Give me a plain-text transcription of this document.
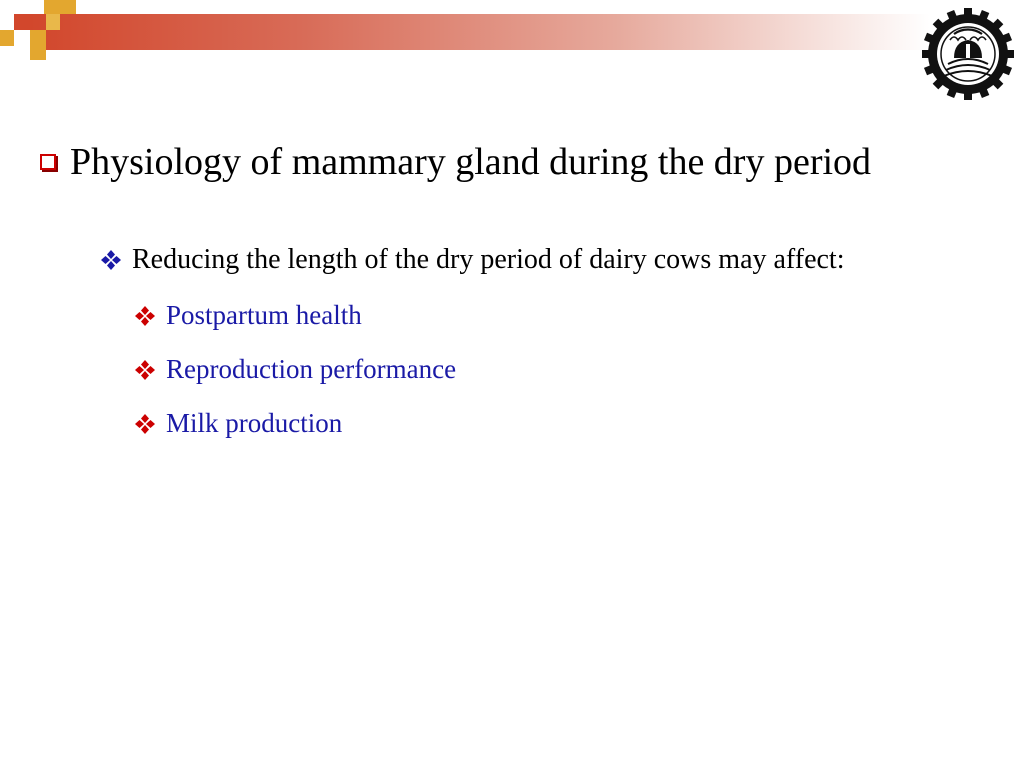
Physiology of mammary gland during the dry period
Reducing the length of the dry period of dairy cows may affect:
Postpartum health
Reproduction performance
Milk production
